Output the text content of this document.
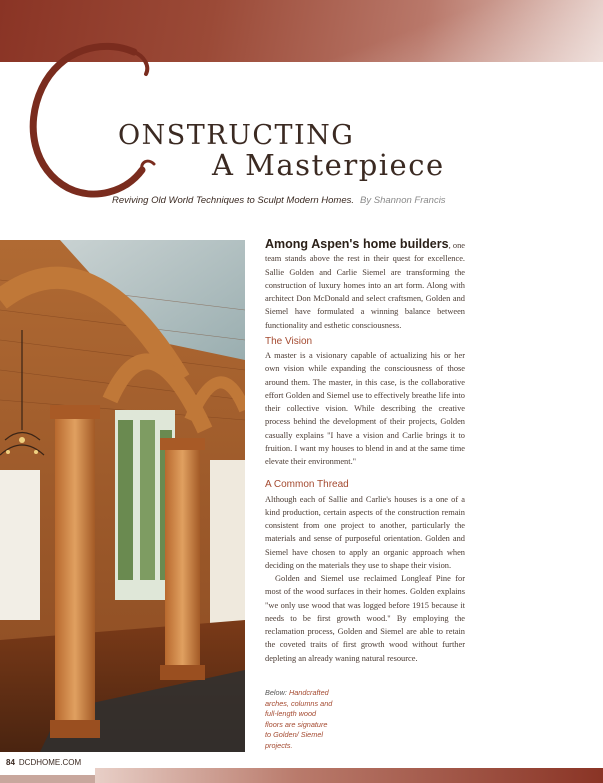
ONSTRUCTING
A Masterpiece
Reviving Old World Techniques to Sculpt Modern Homes. By Shannon Francis

Among Aspen's home builders, one team stands above the rest in their quest for excellence. Sallie Golden and Carlie Siemel are transforming the construction of luxury homes into an art form. Along with architect Don McDonald and select craftsmen, Golden and Siemel have formulated a winning balance between functionality and esthetic consciousness.

The Vision

A master is a visionary capable of actualizing his or her own vision while expanding the consciousness of those around them. The master, in this case, is the collaborative effort Golden and Siemel use to effectively breathe life into their collective vision. While describing the creative process behind the development of their projects, Golden casually explains "I have a vision and Carlie brings it to fruition. I want my houses to blend in and at the same time elevate their environment."

A Common Thread

Although each of Sallie and Carlie's houses is a one of a kind production, certain aspects of the construction remain consistent from one project to another, particularly the materials and sense of purposeful orientation. Golden and Siemel have chosen to apply an organic approach when deciding on the materials they use to shape their vision.

Golden and Siemel use reclaimed Longleaf Pine for most of the wood surfaces in their homes. Golden explains "we only use wood that was logged before 1915 because it needs to be first growth wood." By employing the reclamation process, Golden and Siemel are able to retain the coveted traits of first growth wood without further depleting an already waning natural resource.

Below: Handcrafted arches, columns and full-length wood floors are signature to Golden/ Siemel projects.
84 DCDHOME.COM
